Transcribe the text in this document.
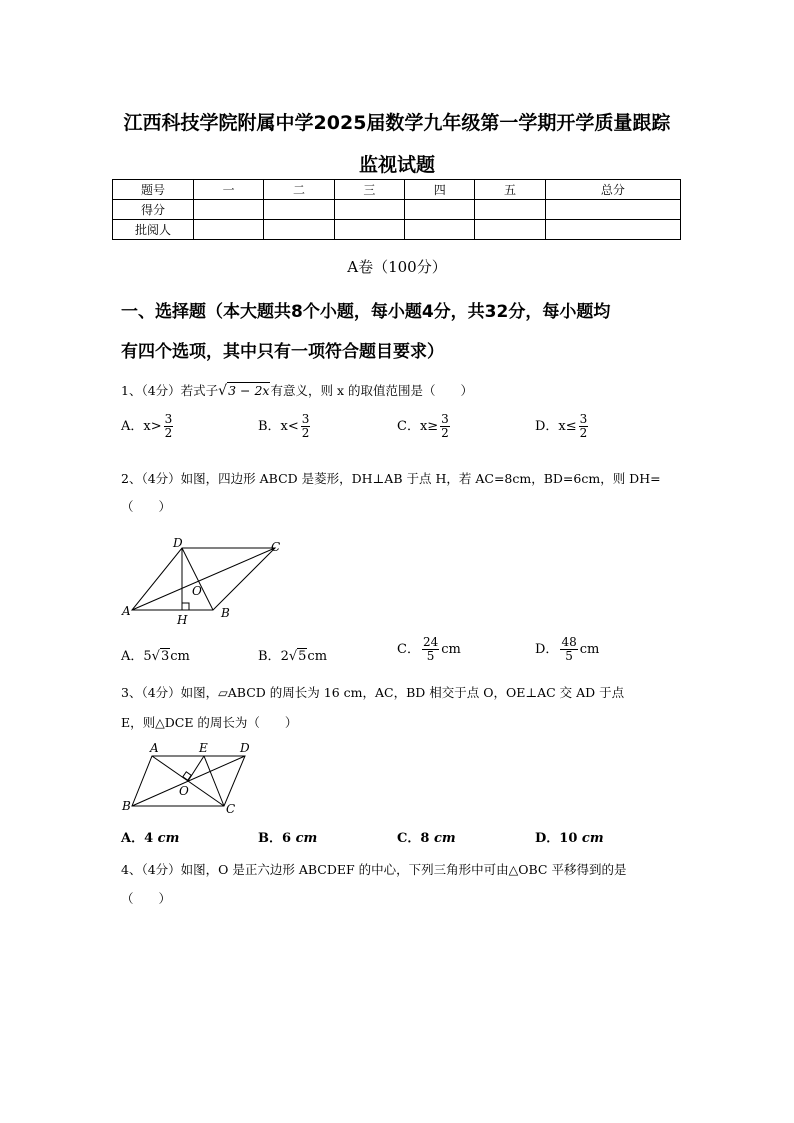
江西科技学院附属中学2025届数学九年级第一学期开学质量跟踪
监视试题
题号	一	二	三	四	五	总分
得分						
批阅人						
A卷（100分）
一、选择题（本大题共8个小题，每小题4分，共32分，每小题均
有四个选项，其中只有一项符合题目要求）
1、（4分）若式子√3 − 2x有意义，则 x 的取值范围是（　　）
A．$x> \frac{3}{2}$	B．$x< \frac{3}{2}$	C．$x\ge \frac{3}{2}$	D．$x\le \frac{3}{2}$
2、（4分）如图，四边形 ABCD 是菱形，DH⊥AB 于点 H，若 AC=8cm，BD=6cm，则 DH=
（　　）
A	B
C
D
H
O
A．5√3cm	B．2√5cm	C． $\frac{24}{5}$ cm	D． $\frac{48}{5}$ cm
3、（4分）如图，▱ABCD 的周长为 16 cm，AC，BD 相交于点 O，OE⊥AC 交 AD 于点
E，则△DCE 的周长为（　　）
A	E	D
B	C
O
A．4 cm	B．6 cm	C．8 cm	D．10 cm
4、（4分）如图，O 是正六边形 ABCDEF 的中心，下列三角形中可由△OBC 平移得到的是
（　　）
